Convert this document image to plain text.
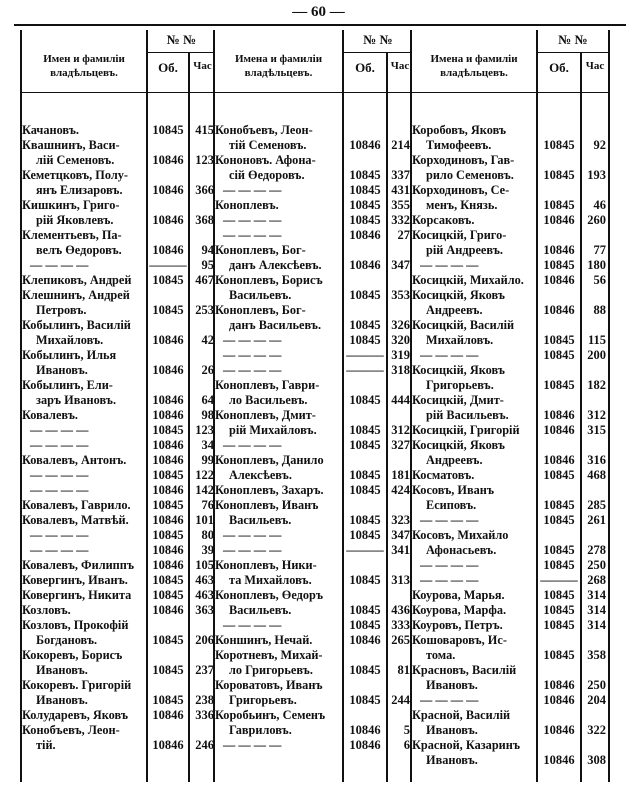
— 60 —
Имен и фамилiи владѣльцевъ.
№ №
Об.	Час
Качановъ.	10845 415
Квашнинъ, Васи-
лій Семеновъ.	10846 123
Кеметцковъ, Полу-
янъ Елизаровъ.	10846 366
Кишкинъ, Григо-
рій Яковлевъ.	10846 368
Клементьевъ, Па-
велъ Өедоровъ.	10846	94
— — — —	———	95
Клепиковъ, Андрей	10845 467
Клешнинъ, Андрей
Петровъ.	10845 253
Кобылинъ, Василій
Михайловъ.	10846	42
Кобылинъ, Илья
Ивановъ.	10846	26
Кобылинъ, Ели-
заръ Ивановъ.	10846	64
Ковалевъ.	10846	98
— — — —	10845 123
— — — —	10846	34
Ковалевъ, Антонъ.	10846	99
— — — —	10845 122
— — — —	10846 142
Ковалевъ, Гаврило.	10845	76
Ковалевъ, Матвѣй.	10846 101
— — — —	10845	80
— — — —	10846	39
Ковалевъ, Филиппъ	10846 105
Ковергинъ, Иванъ.	10845 463
Ковергинъ, Никита	10845 463
Козловъ.	10846 363
Козловъ, Прокофій
Богдановъ.	10845 206
Кокоревъ, Борисъ
Ивановъ.	10845 237
Кокоревъ. Григорій
Ивановъ.	10845 238
Колударевъ, Яковъ	10846 336
Конобъевъ, Леон-
тій.	10846 246
Имена и фамилiи владѣльцевъ.
№ №
Об.	Час
Конобъевъ, Леон-
тій Семеновъ.	10846 214
Кононовъ. Афона-
сій Өедоровъ.	10845 337
— — — —	10845 431
Коноплевъ.	10845 355
— — — —	10845 332
— — — —	10846	27
Коноплевъ, Бог-
данъ Алексѣевъ.	10846 347
Коноплевъ, Борисъ
Васильевъ.	10845 353
Коноплевъ, Бог-
данъ Васильевъ.	10845 326
— — — —	10845 320
— — — —	——— 319
— — — —	——— 318
Коноплевъ, Гаври-
ло Васильевъ.	10845 444
Коноплевъ, Дмит-
рій Михайловъ.	10845 312
— — — —	10845 327
Коноплевъ, Данило
Алексѣевъ.	10845 181
Коноплевъ, Захаръ.	10845 424
Коноплевъ, Иванъ
Васильевъ.	10845 323
— — — —	10845 347
— — — —	——— 341
Коноплевъ, Ники-
та Михайловъ.	10845 313
Коноплевъ, Өедоръ
Васильевъ.	10845 436
— — — —	10845 333
Коншинъ, Нечай.	10846 265
Коротневъ, Михай-
ло Григорьевъ.	10845	81
Короватовъ, Иванъ
Григорьевъ.	10845 244
Коробьинъ, Семенъ
Гавриловъ.	10846	5
— — — —	10846	6
Имена и фамилiи владѣльцевъ.
№ №
Об.	Час
Коробовъ, Яковъ
Тимофеевъ.	10845	92
Корходиновъ, Гав-
рило Семеновъ.	10845	193
Корходиновъ, Се-
менъ, Князь.	10845	46
Корсаковъ.	10846	260
Косицкій, Григо-
рій Андреевъ.	10846	77
— — — —	10845	180
Косицкій, Михайло.	10846	56
Косицкій, Яковъ
Андреевъ.	10846	88
Косицкій, Василій
Михайловъ.	10845	115
— — — —	10845	200
Косицкій, Яковъ
Григорьевъ.	10845	182
Косицкій, Дмит-
рій Васильевъ.	10846	312
Косицкій, Григорій	10846	315
Косицкій, Яковъ
Андреевъ.	10846	316
Косматовъ.	10845	468
Косовъ, Иванъ
Есиповъ.	10845	285
— — — —	10845	261
Косовъ, Михайло
Афонасьевъ.	10845	278
— — — —	10845	250
— — — —	——— 268
Коурова, Марья.	10845	314
Коурова, Марфа.	10845	314
Коуровъ, Петръ.	10845	314
Кошоваровъ, Ис-
тома.	10845	358
Красновъ, Василій
Ивановъ.	10846	250
— — — —	10846	204
Красной, Василій
Ивановъ.	10846	322
Красной, Казаринъ
Ивановъ.	10846	308
